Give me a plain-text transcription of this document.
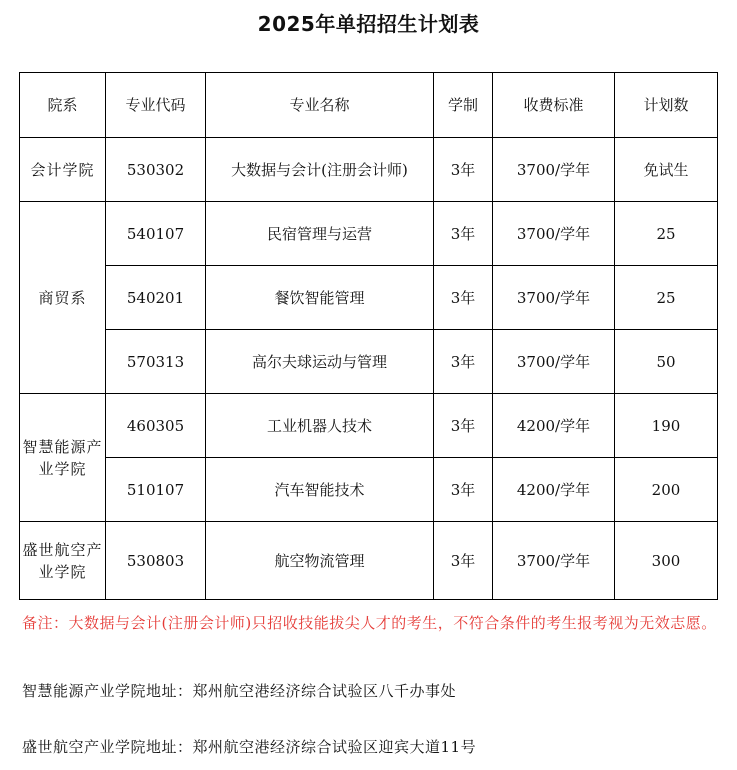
2025年单招招生计划表
院系	专业代码	专业名称	学制	收费标准	计划数
会计学院	530302	大数据与会计(注册会计师)	3年	3700/学年	免试生
商贸系	540107	民宿管理与运营	3年	3700/学年	25
	540201	餐饮智能管理	3年	3700/学年	25
	570313	高尔夫球运动与管理	3年	3700/学年	50
智慧能源产业学院	460305	工业机器人技术	3年	4200/学年	190
	510107	汽车智能技术	3年	4200/学年	200
盛世航空产业学院	530803	航空物流管理	3年	3700/学年	300
备注：大数据与会计(注册会计师)只招收技能拔尖人才的考生，不符合条件的考生报考视为无效志愿。
智慧能源产业学院地址：郑州航空港经济综合试验区八千办事处
盛世航空产业学院地址：郑州航空港经济综合试验区迎宾大道11号
